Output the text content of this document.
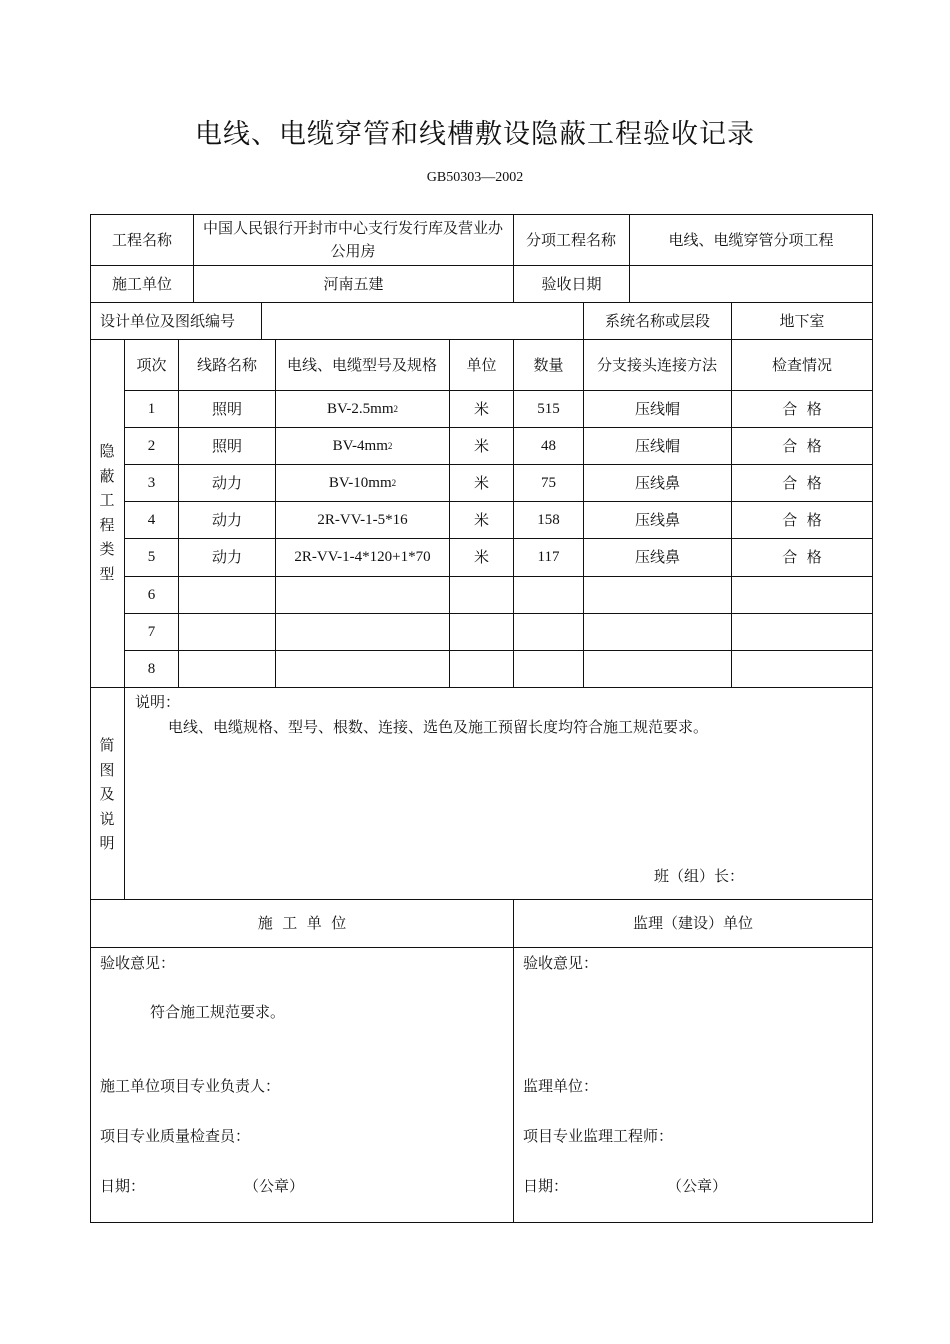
电线、电缆穿管和线槽敷设隐蔽工程验收记录
GB50303—2002
工程名称
中国人民银行开封市中心支行发行库及营业办公用房
分项工程名称	电线、电缆穿管分项工程
施工单位	河南五建	验收日期
设计单位及图纸编号	系统名称或层段	地下室
隐蔽工程类型
项次	线路名称	电线、电缆型号及规格	单位	数量	分支接头连接方法	检查情况
1	照明	BV-2.5mm 2	米	515	压线帽	合  格
2	照明	BV-4mm 2	米	48	压线帽	合  格
3	动力	BV-10mm 2	米	75	压线鼻	合  格
4	动力	2R-VV-1-5*16	米	158	压线鼻	合  格
5	动力	2R-VV-1-4*120+1*70	米	117	压线鼻	合  格
6
7
8
简图及说明
说明：
电线、电缆规格、型号、根数、连接、选色及施工预留长度均符合施工规范要求。
班（组）长：
施  工  单  位	监理（建设）单位
验收意见：
符合施工规范要求。
施工单位项目专业负责人：
项目专业质量检查员：
日期：	（公章）
验收意见：
监理单位：
项目专业监理工程师：
日期：	（公章）
